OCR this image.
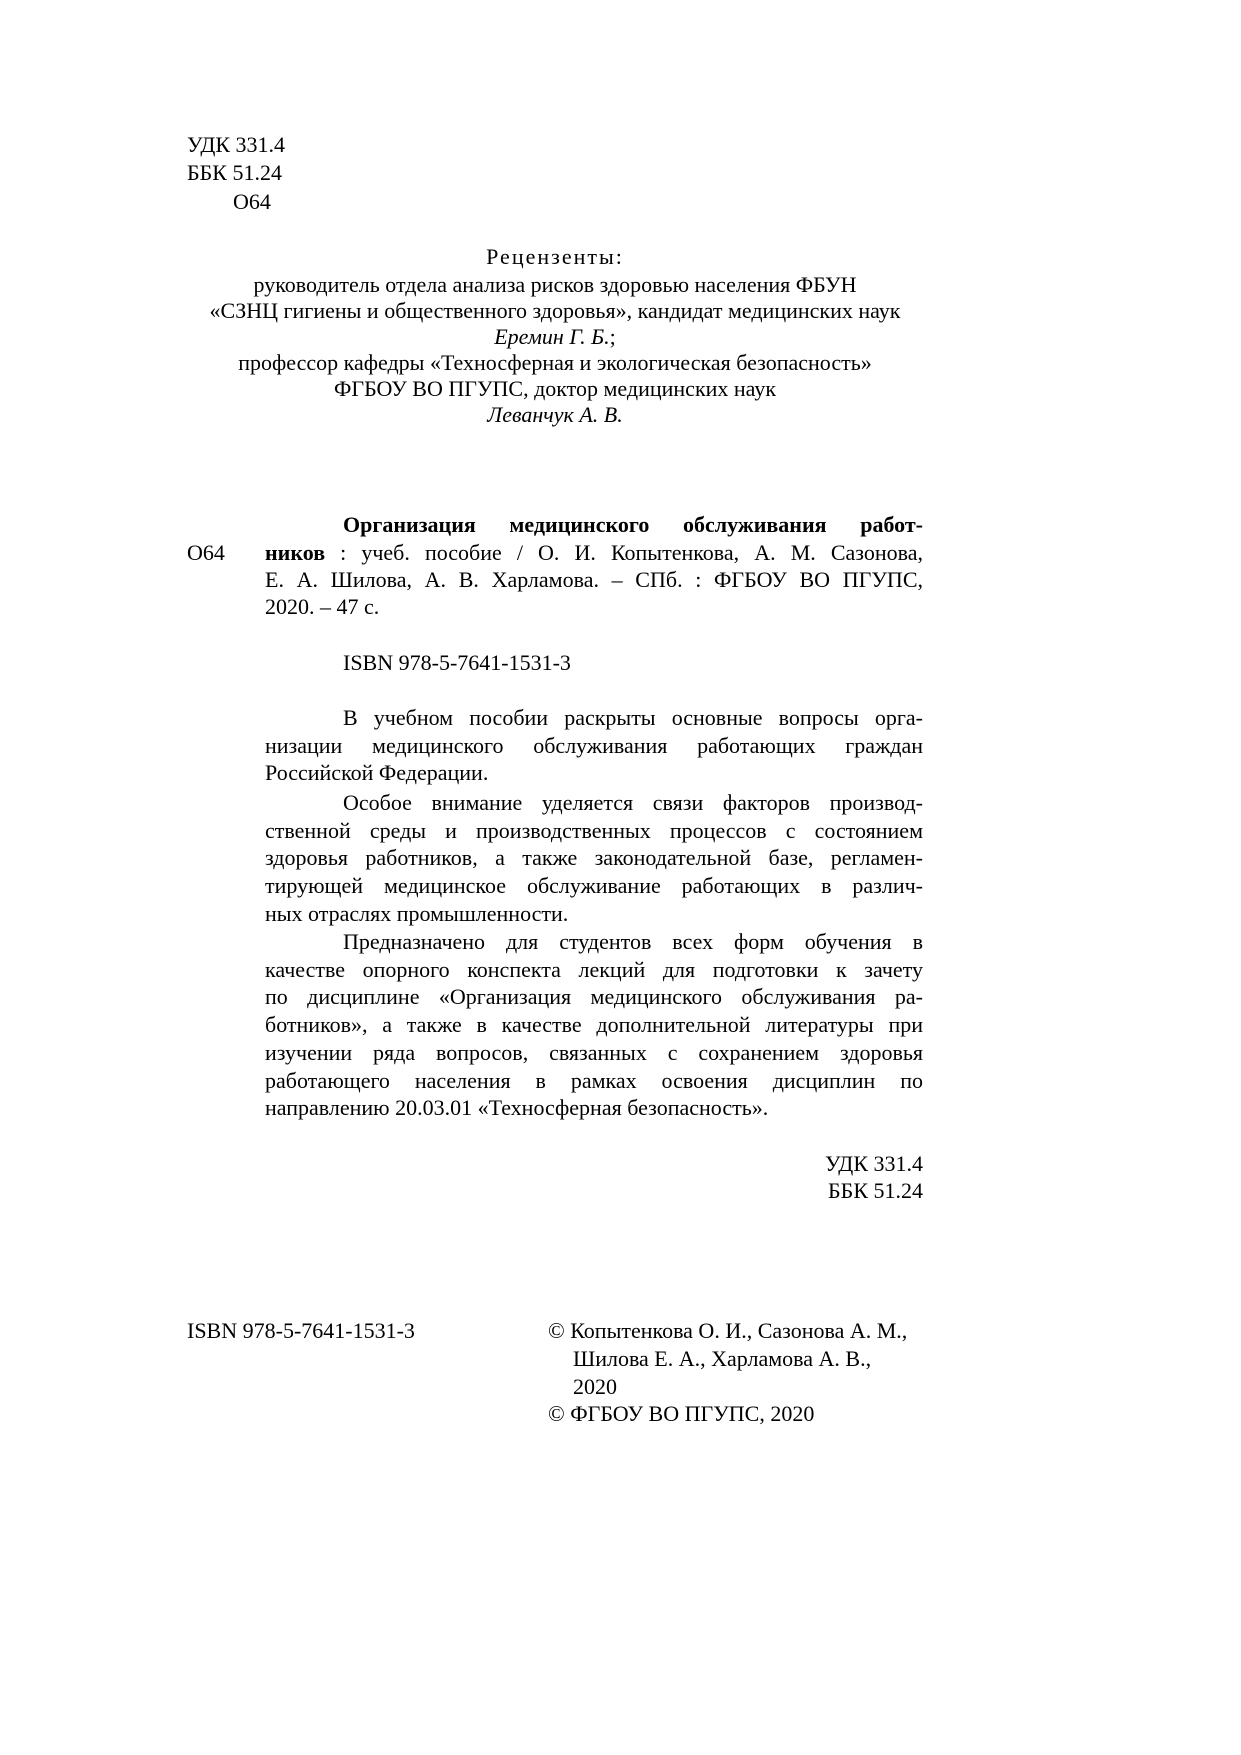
УДК 331.4
ББК 51.24
О64
Рецензенты:
руководитель отдела анализа рисков здоровью населения ФБУН
«СЗНЦ гигиены и общественного здоровья», кандидат медицинских наук
Еремин Г. Б.;
профессор кафедры «Техносферная и экологическая безопасность»
ФГБОУ ВО ПГУПС, доктор медицинских наук
Леванчук А. В.
Организация медицинского обслуживания работ-
О64 ников : учеб. пособие / О. И. Копытенкова, А. М. Сазонова,
Е. А. Шилова, А. В. Харламова. – СПб. : ФГБОУ ВО ПГУПС,
2020. – 47 с.
ISBN 978-5-7641-1531-3
В учебном пособии раскрыты основные вопросы орга-
низации медицинского обслуживания работающих граждан
Российской Федерации.
Особое внимание уделяется связи факторов производ-
ственной среды и производственных процессов с состоянием
здоровья работников, а также законодательной базе, регламен-
тирующей медицинское обслуживание работающих в различ-
ных отраслях промышленности.
Предназначено для студентов всех форм обучения в
качестве опорного конспекта лекций для подготовки к зачету
по дисциплине «Организация медицинского обслуживания ра-
ботников», а также в качестве дополнительной литературы при
изучении ряда вопросов, связанных с сохранением здоровья
работающего населения в рамках освоения дисциплин по
направлению 20.03.01 «Техносферная безопасность».
УДК 331.4
ББК 51.24
ISBN 978-5-7641-1531-3	© Копытенкова О. И., Сазонова А. М.,
Шилова Е. А., Харламова А. В.,
2020
© ФГБОУ ВО ПГУПС, 2020
